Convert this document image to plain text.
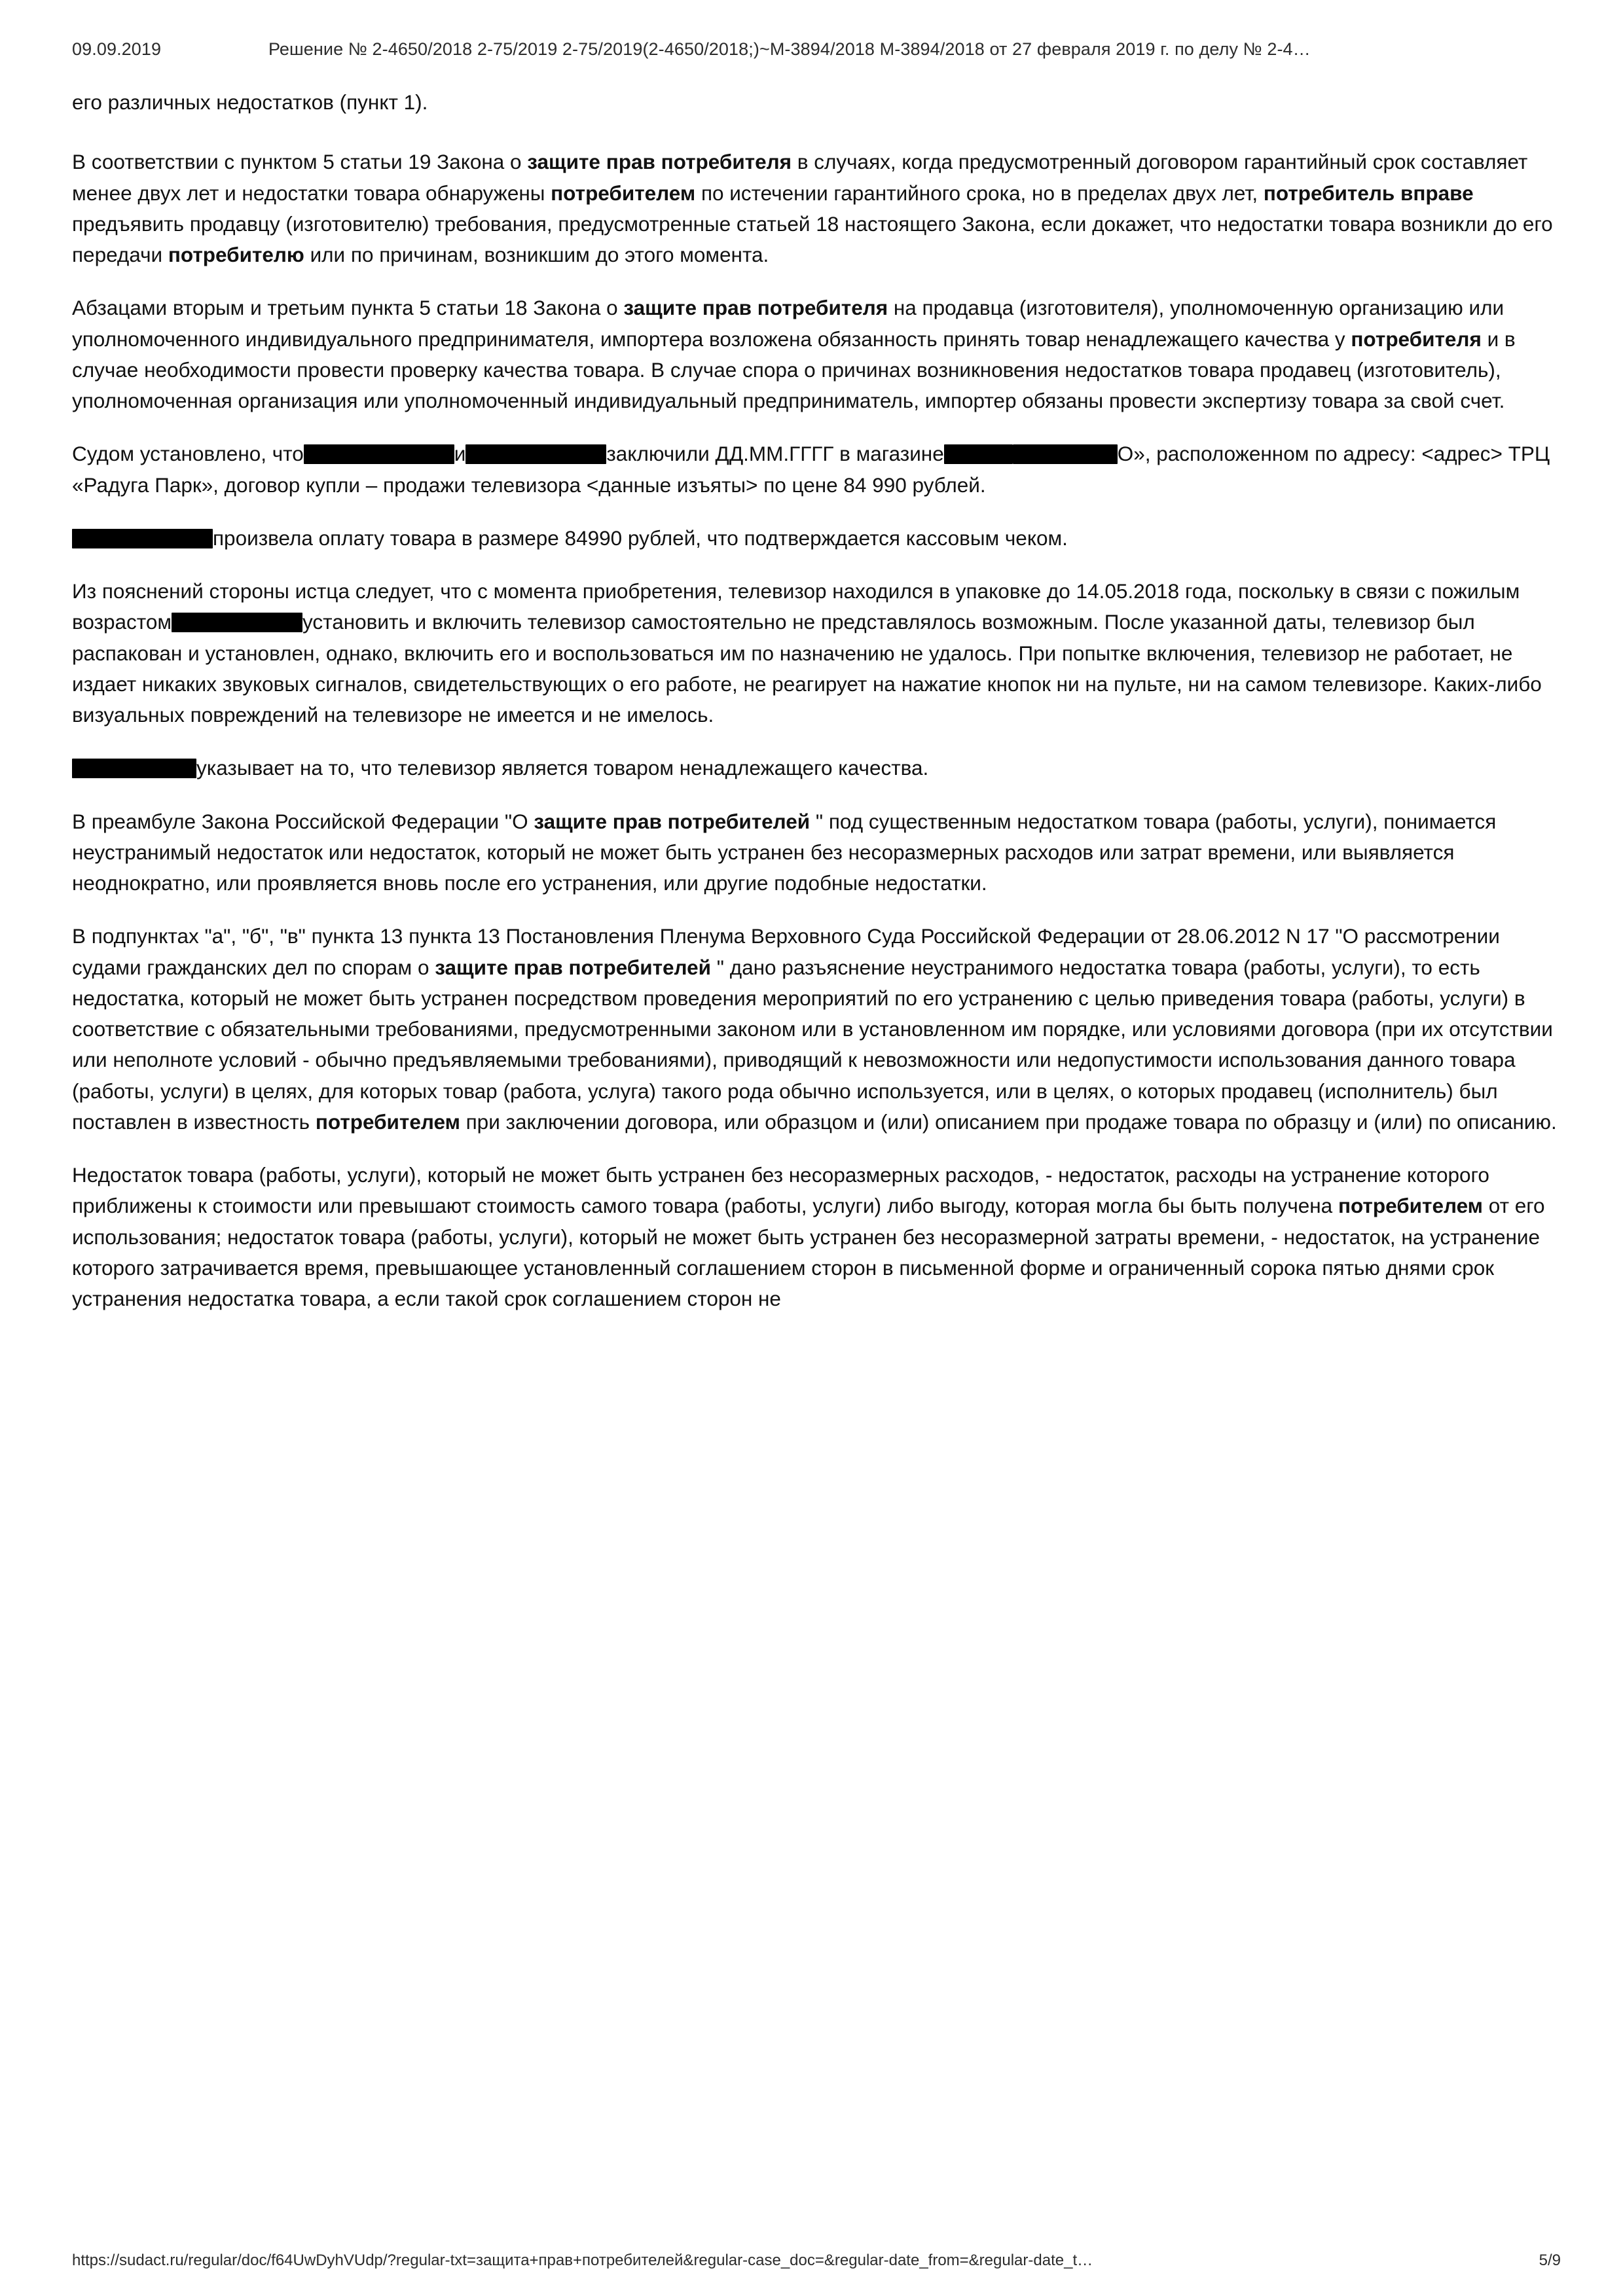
09.09.2019	Решение № 2-4650/2018 2-75/2019 2-75/2019(2-4650/2018;)~М-3894/2018 М-3894/2018 от 27 февраля 2019 г. по делу № 2-4…

его различных недостатков (пункт 1).

В соответствии с пунктом 5 статьи 19 Закона о защите прав потребителя в случаях, когда предусмотренный договором гарантийный срок составляет менее двух лет и недостатки товара обнаружены потребителем по истечении гарантийного срока, но в пределах двух лет, потребитель вправе предъявить продавцу (изготовителю) требования, предусмотренные статьей 18 настоящего Закона, если докажет, что недостатки товара возникли до его передачи потребителю или по причинам, возникшим до этого момента.

Абзацами вторым и третьим пункта 5 статьи 18 Закона о защите прав потребителя на продавца (изготовителя), уполномоченную организацию или уполномоченного индивидуального предпринимателя, импортера возложена обязанность принять товар ненадлежащего качества у потребителя и в случае необходимости провести проверку качества товара. В случае спора о причинах возникновения недостатков товара продавец (изготовитель), уполномоченная организация или уполномоченный индивидуальный предприниматель, импортер обязаны провести экспертизу товара за свой счет.

Судом установлено, что	и	заключили ДД.ММ.ГГГГ в магазине	О», расположенном по адресу: <адрес> ТРЦ «Радуга Парк», договор купли – продажи телевизора <данные изъяты> по цене 84 990 рублей.

произвела оплату товара в размере 84990 рублей, что подтверждается кассовым чеком.

Из пояснений стороны истца следует, что с момента приобретения, телевизор находился в упаковке до 14.05.2018 года, поскольку в связи с пожилым возрастом	установить и включить телевизор самостоятельно не представлялось возможным. После указанной даты, телевизор был распакован и установлен, однако, включить его и воспользоваться им по назначению не удалось. При попытке включения, телевизор не работает, не издает никаких звуковых сигналов, свидетельствующих о его работе, не реагирует на нажатие кнопок ни на пульте, ни на самом телевизоре. Каких-либо визуальных повреждений на телевизоре не имеется и не имелось.

указывает на то, что телевизор является товаром ненадлежащего качества.

В преамбуле Закона Российской Федерации "О защите прав потребителей " под существенным недостатком товара (работы, услуги), понимается неустранимый недостаток или недостаток, который не может быть устранен без несоразмерных расходов или затрат времени, или выявляется неоднократно, или проявляется вновь после его устранения, или другие подобные недостатки.

В подпунктах "а", "б", "в" пункта 13 пункта 13 Постановления Пленума Верховного Суда Российской Федерации от 28.06.2012 N 17 "О рассмотрении судами гражданских дел по спорам о защите прав потребителей " дано разъяснение неустранимого недостатка товара (работы, услуги), то есть недостатка, который не может быть устранен посредством проведения мероприятий по его устранению с целью приведения товара (работы, услуги) в соответствие с обязательными требованиями, предусмотренными законом или в установленном им порядке, или условиями договора (при их отсутствии или неполноте условий - обычно предъявляемыми требованиями), приводящий к невозможности или недопустимости использования данного товара (работы, услуги) в целях, для которых товар (работа, услуга) такого рода обычно используется, или в целях, о которых продавец (исполнитель) был поставлен в известность потребителем при заключении договора, или образцом и (или) описанием при продаже товара по образцу и (или) по описанию.

Недостаток товара (работы, услуги), который не может быть устранен без несоразмерных расходов, - недостаток, расходы на устранение которого приближены к стоимости или превышают стоимость самого товара (работы, услуги) либо выгоду, которая могла бы быть получена потребителем от его использования; недостаток товара (работы, услуги), который не может быть устранен без несоразмерной затраты времени, - недостаток, на устранение которого затрачивается время, превышающее установленный соглашением сторон в письменной форме и ограниченный сорока пятью днями срок устранения недостатка товара, а если такой срок соглашением сторон не

https://sudact.ru/regular/doc/f64UwDyhVUdp/?regular-txt=защита+прав+потребителей&regular-case_doc=&regular-date_from=&regular-date_t…	5/9
